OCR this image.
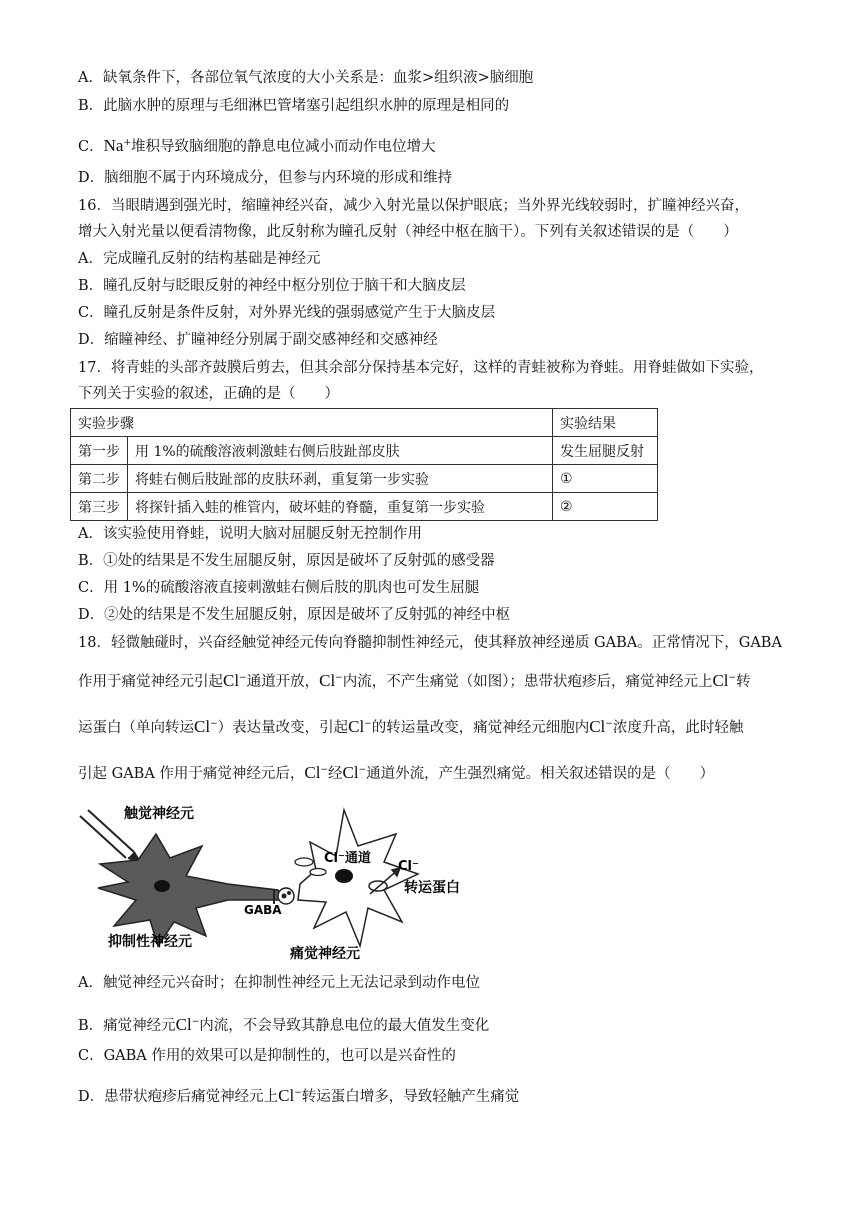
A．缺氧条件下，各部位氧气浓度的大小关系是：血浆>组织液>脑细胞
B．此脑水肿的原理与毛细淋巴管堵塞引起组织水肿的原理是相同的
C．Na+堆积导致脑细胞的静息电位减小而动作电位增大
D．脑细胞不属于内环境成分，但参与内环境的形成和维持
16．当眼睛遇到强光时，缩瞳神经兴奋，减少入射光量以保护眼底；当外界光线较弱时，扩瞳神经兴奋，
增大入射光量以便看清物像，此反射称为瞳孔反射（神经中枢在脑干）。下列有关叙述错误的是（　　）
A．完成瞳孔反射的结构基础是神经元
B．瞳孔反射与眨眼反射的神经中枢分别位于脑干和大脑皮层
C．瞳孔反射是条件反射，对外界光线的强弱感觉产生于大脑皮层
D．缩瞳神经、扩瞳神经分别属于副交感神经和交感神经
17．将青蛙的头部齐鼓膜后剪去，但其余部分保持基本完好，这样的青蛙被称为脊蛙。用脊蛙做如下实验，
下列关于实验的叙述，正确的是（　　）
实验步骤		实验结果
第一步	用 1%的硫酸溶液刺激蛙右侧后肢趾部皮肤	发生屈腿反射
第二步	将蛙右侧后肢趾部的皮肤环剥，重复第一步实验	①
第三步	将探针插入蛙的椎管内，破坏蛙的脊髓，重复第一步实验	②
A．该实验使用脊蛙，说明大脑对屈腿反射无控制作用
B．①处的结果是不发生屈腿反射，原因是破坏了反射弧的感受器
C．用 1%的硫酸溶液直接刺激蛙右侧后肢的肌肉也可发生屈腿
D．②处的结果是不发生屈腿反射，原因是破坏了反射弧的神经中枢
18．轻微触碰时，兴奋经触觉神经元传向脊髓抑制性神经元，使其释放神经递质 GABA。正常情况下，GABA
作用于痛觉神经元引起Cl−通道开放，Cl−内流，不产生痛觉（如图）；患带状疱疹后，痛觉神经元上Cl−转
运蛋白（单向转运Cl−）表达量改变，引起Cl−的转运量改变，痛觉神经元细胞内Cl−浓度升高，此时轻触
引起 GABA 作用于痛觉神经元后，Cl−经Cl−通道外流，产生强烈痛觉。相关叙述错误的是（　　）
触觉神经元
抑制性神经元
痛觉神经元
GABA
Cl⁻通道
Cl⁻
转运蛋白
A．触觉神经元兴奋时；在抑制性神经元上无法记录到动作电位
B．痛觉神经元Cl−内流，不会导致其静息电位的最大值发生变化
C．GABA 作用的效果可以是抑制性的，也可以是兴奋性的
D．患带状疱疹后痛觉神经元上Cl−转运蛋白增多，导致轻触产生痛觉
